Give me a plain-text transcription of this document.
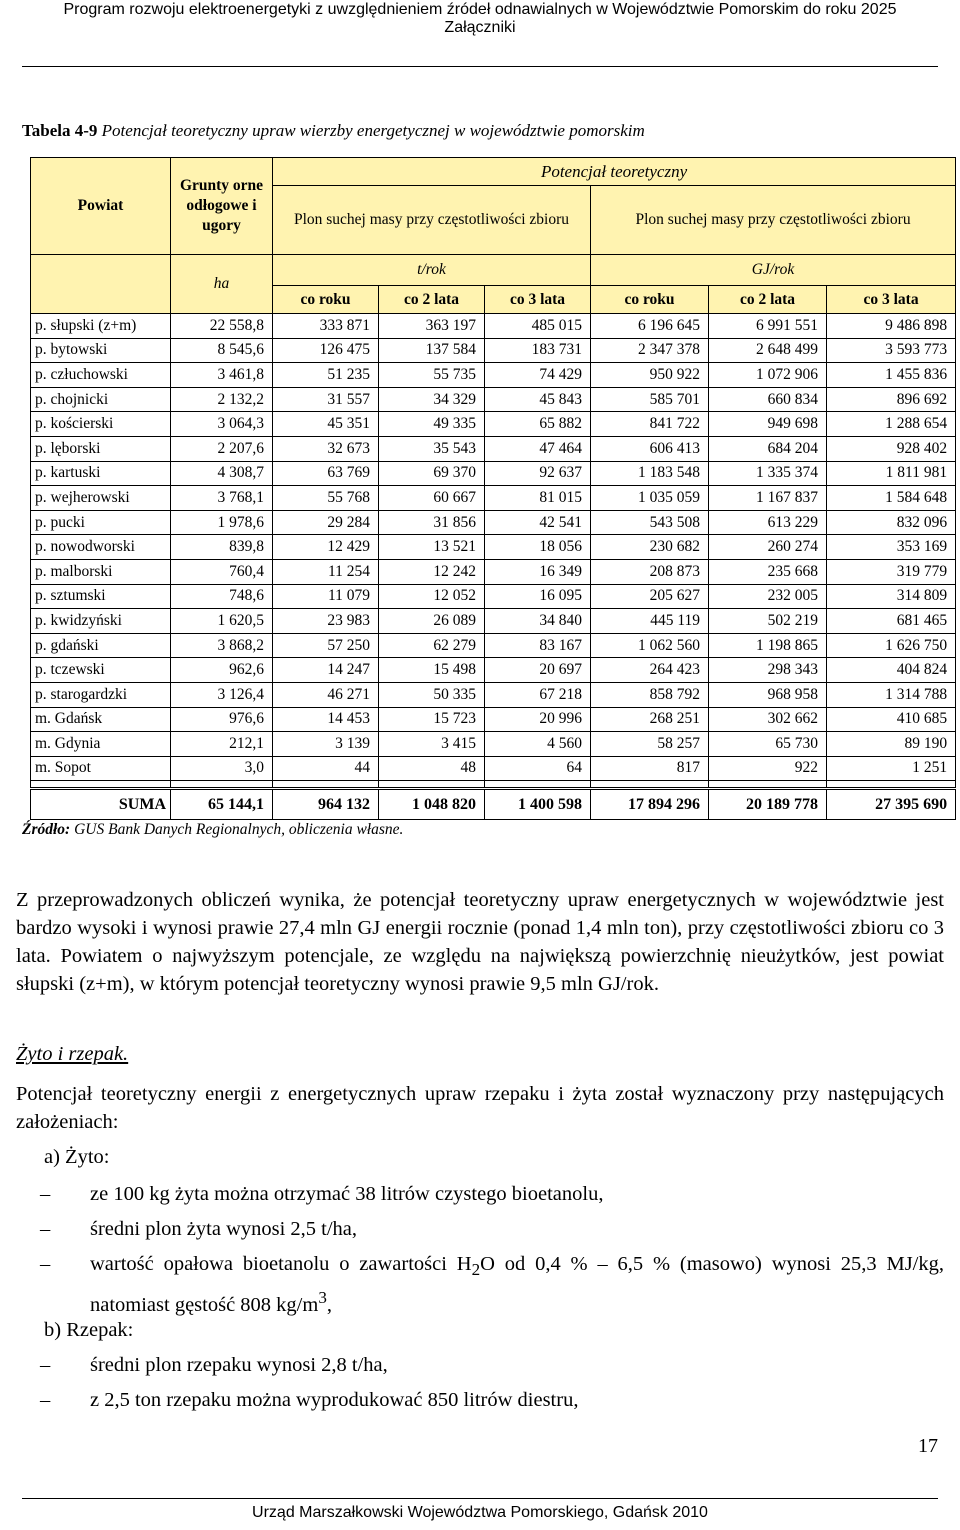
Program rozwoju elektroenergetyki z uwzględnieniem źródeł odnawialnych w Województwie Pomorskim do roku 2025
Załączniki
Tabela 4-9 Potencjał teoretyczny upraw wierzby energetycznej w województwie pomorskim
Powiat	Grunty orne odłogowe i ugory	Potencjał teoretyczny					
		Plon suchej masy przy częstotliwości zbioru			Plon suchej masy przy częstotliwości zbioru		
	ha	t/rok			GJ/rok		
		co roku	co 2 lata	co 3 lata	co roku	co 2 lata	co 3 lata
p. słupski (z+m)	22 558,8	333 871	363 197	485 015	6 196 645	6 991 551	9 486 898
p. bytowski	8 545,6	126 475	137 584	183 731	2 347 378	2 648 499	3 593 773
p. człuchowski	3 461,8	51 235	55 735	74 429	950 922	1 072 906	1 455 836
p. chojnicki	2 132,2	31 557	34 329	45 843	585 701	660 834	896 692
p. kościerski	3 064,3	45 351	49 335	65 882	841 722	949 698	1 288 654
p. lęborski	2 207,6	32 673	35 543	47 464	606 413	684 204	928 402
p. kartuski	4 308,7	63 769	69 370	92 637	1 183 548	1 335 374	1 811 981
p. wejherowski	3 768,1	55 768	60 667	81 015	1 035 059	1 167 837	1 584 648
p. pucki	1 978,6	29 284	31 856	42 541	543 508	613 229	832 096
p. nowodworski	839,8	12 429	13 521	18 056	230 682	260 274	353 169
p. malborski	760,4	11 254	12 242	16 349	208 873	235 668	319 779
p. sztumski	748,6	11 079	12 052	16 095	205 627	232 005	314 809
p. kwidzyński	1 620,5	23 983	26 089	34 840	445 119	502 219	681 465
p. gdański	3 868,2	57 250	62 279	83 167	1 062 560	1 198 865	1 626 750
p. tczewski	962,6	14 247	15 498	20 697	264 423	298 343	404 824
p. starogardzki	3 126,4	46 271	50 335	67 218	858 792	968 958	1 314 788
m. Gdańsk	976,6	14 453	15 723	20 996	268 251	302 662	410 685
m. Gdynia	212,1	3 139	3 415	4 560	58 257	65 730	89 190
m. Sopot	3,0	44	48	64	817	922	1 251

SUMA	65 144,1	964 132	1 048 820	1 400 598	17 894 296	20 189 778	27 395 690
Źródło: GUS Bank Danych Regionalnych, obliczenia własne.

Z przeprowadzonych obliczeń wynika, że potencjał teoretyczny upraw energetycznych w województwie jest bardzo wysoki i wynosi prawie 27,4 mln GJ energii rocznie (ponad 1,4 mln ton), przy częstotliwości zbioru co 3 lata. Powiatem o najwyższym potencjale, ze względu na największą powierzchnię nieużytków, jest powiat słupski (z+m), w którym potencjał teoretyczny wynosi prawie 9,5 mln GJ/rok.

Żyto i rzepak.

Potencjał teoretyczny energii z energetycznych upraw rzepaku i żyta został wyznaczony przy następujących założeniach:

a) Żyto:
–	ze 100 kg żyta można otrzymać 38 litrów czystego bioetanolu,
–	średni plon żyta wynosi 2,5 t/ha,
–	wartość opałowa bioetanolu o zawartości $H_2O$ od 0,4 % – 6,5 % (masowo) wynosi 25,3 MJ/kg, natomiast gęstość 808 $kg/m^3$,
b) Rzepak:
–	średni plon rzepaku wynosi 2,8 t/ha,
–	z 2,5 ton rzepaku można wyprodukować 850 litrów diestru,
17
Urząd Marszałkowski Województwa Pomorskiego, Gdańsk 2010
